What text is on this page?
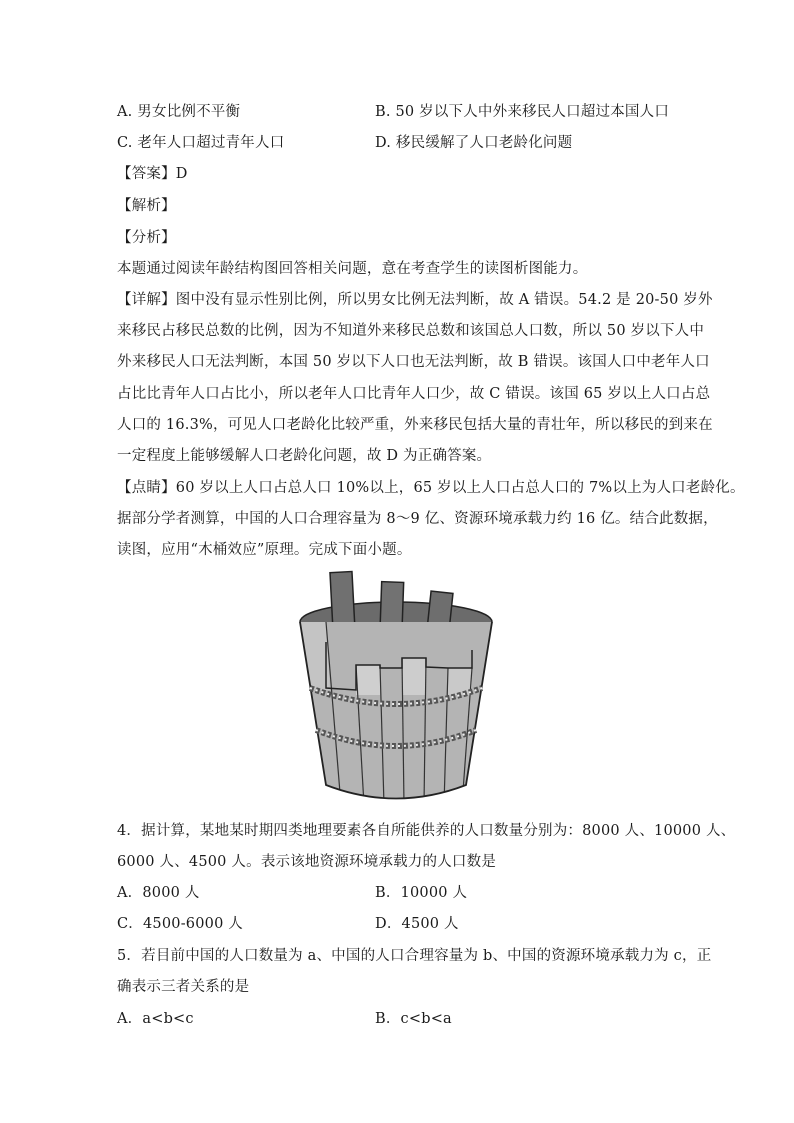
A. 男女比例不平衡	B. 50 岁以下人中外来移民人口超过本国人口
C. 老年人口超过青年人口	D. 移民缓解了人口老龄化问题
【答案】D
【解析】
【分析】
本题通过阅读年龄结构图回答相关问题，意在考查学生的读图析图能力。
【详解】图中没有显示性别比例，所以男女比例无法判断，故 A 错误。54.2 是 20-50 岁外
来移民占移民总数的比例，因为不知道外来移民总数和该国总人口数，所以 50 岁以下人中
外来移民人口无法判断，本国 50 岁以下人口也无法判断，故 B 错误。该国人口中老年人口
占比比青年人口占比小，所以老年人口比青年人口少，故 C 错误。该国 65 岁以上人口占总
人口的 16.3%，可见人口老龄化比较严重，外来移民包括大量的青壮年，所以移民的到来在
一定程度上能够缓解人口老龄化问题，故 D 为正确答案。
【点睛】60 岁以上人口占总人口 10%以上，65 岁以上人口占总人口的 7%以上为人口老龄化。
据部分学者测算，中国的人口合理容量为 8～9 亿、资源环境承载力约 16 亿。结合此数据，
读图，应用“木桶效应”原理。完成下面小题。
4．据计算，某地某时期四类地理要素各自所能供养的人口数量分别为：8000 人、10000 人、
6000 人、4500 人。表示该地资源环境承载力的人口数是
A．8000 人	B．10000 人
C．4500-6000 人	D．4500 人
5．若目前中国的人口数量为 a、中国的人口合理容量为 b、中国的资源环境承载力为 c，正
确表示三者关系的是
A．a<b<c	B．c<b<a
